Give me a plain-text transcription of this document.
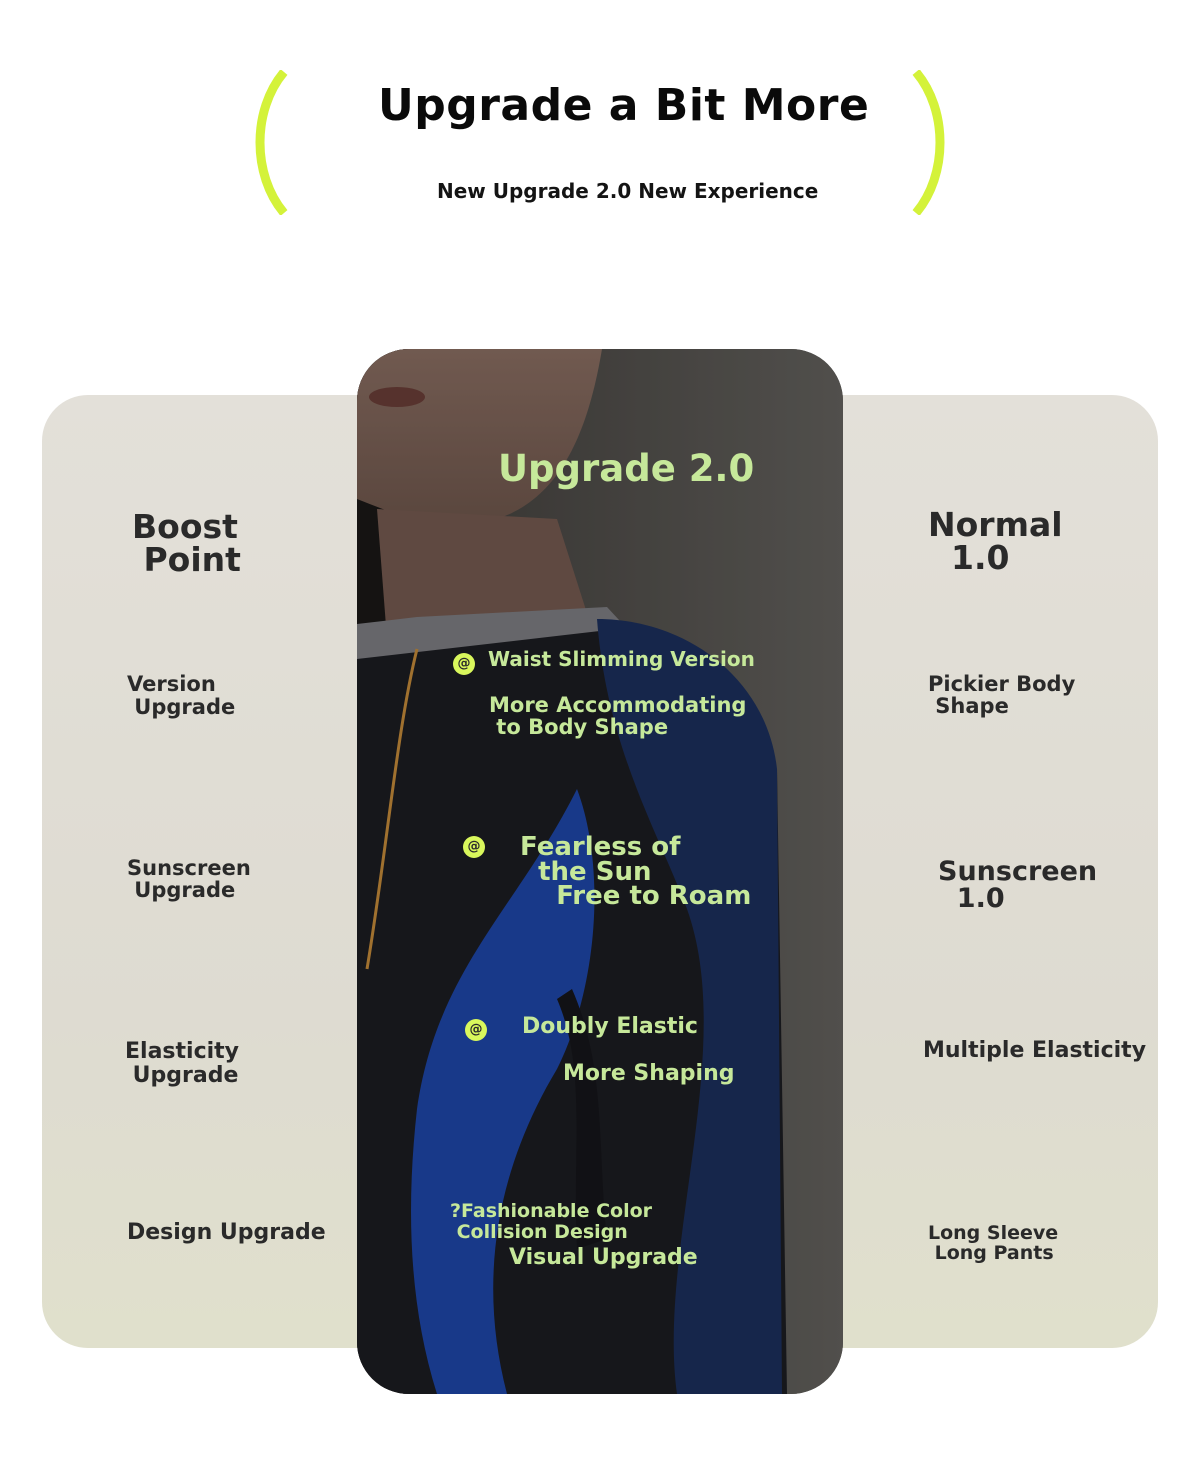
Upgrade a Bit More
New Upgrade 2.0 New Experience
Boost
Point
Version
Upgrade
Sunscreen
Upgrade
Elasticity
Upgrade
Design Upgrade
Normal
1.0
Pickier Body
Shape
Sunscreen
1.0
Multiple Elasticity
Long Sleeve
Long Pants
Upgrade 2.0
@ Waist Slimming Version
More Accommodating
to Body Shape
@ Fearless of
the Sun
Free to Roam
@ Doubly Elastic
More Shaping
?Fashionable Color
Collision Design
Visual Upgrade
